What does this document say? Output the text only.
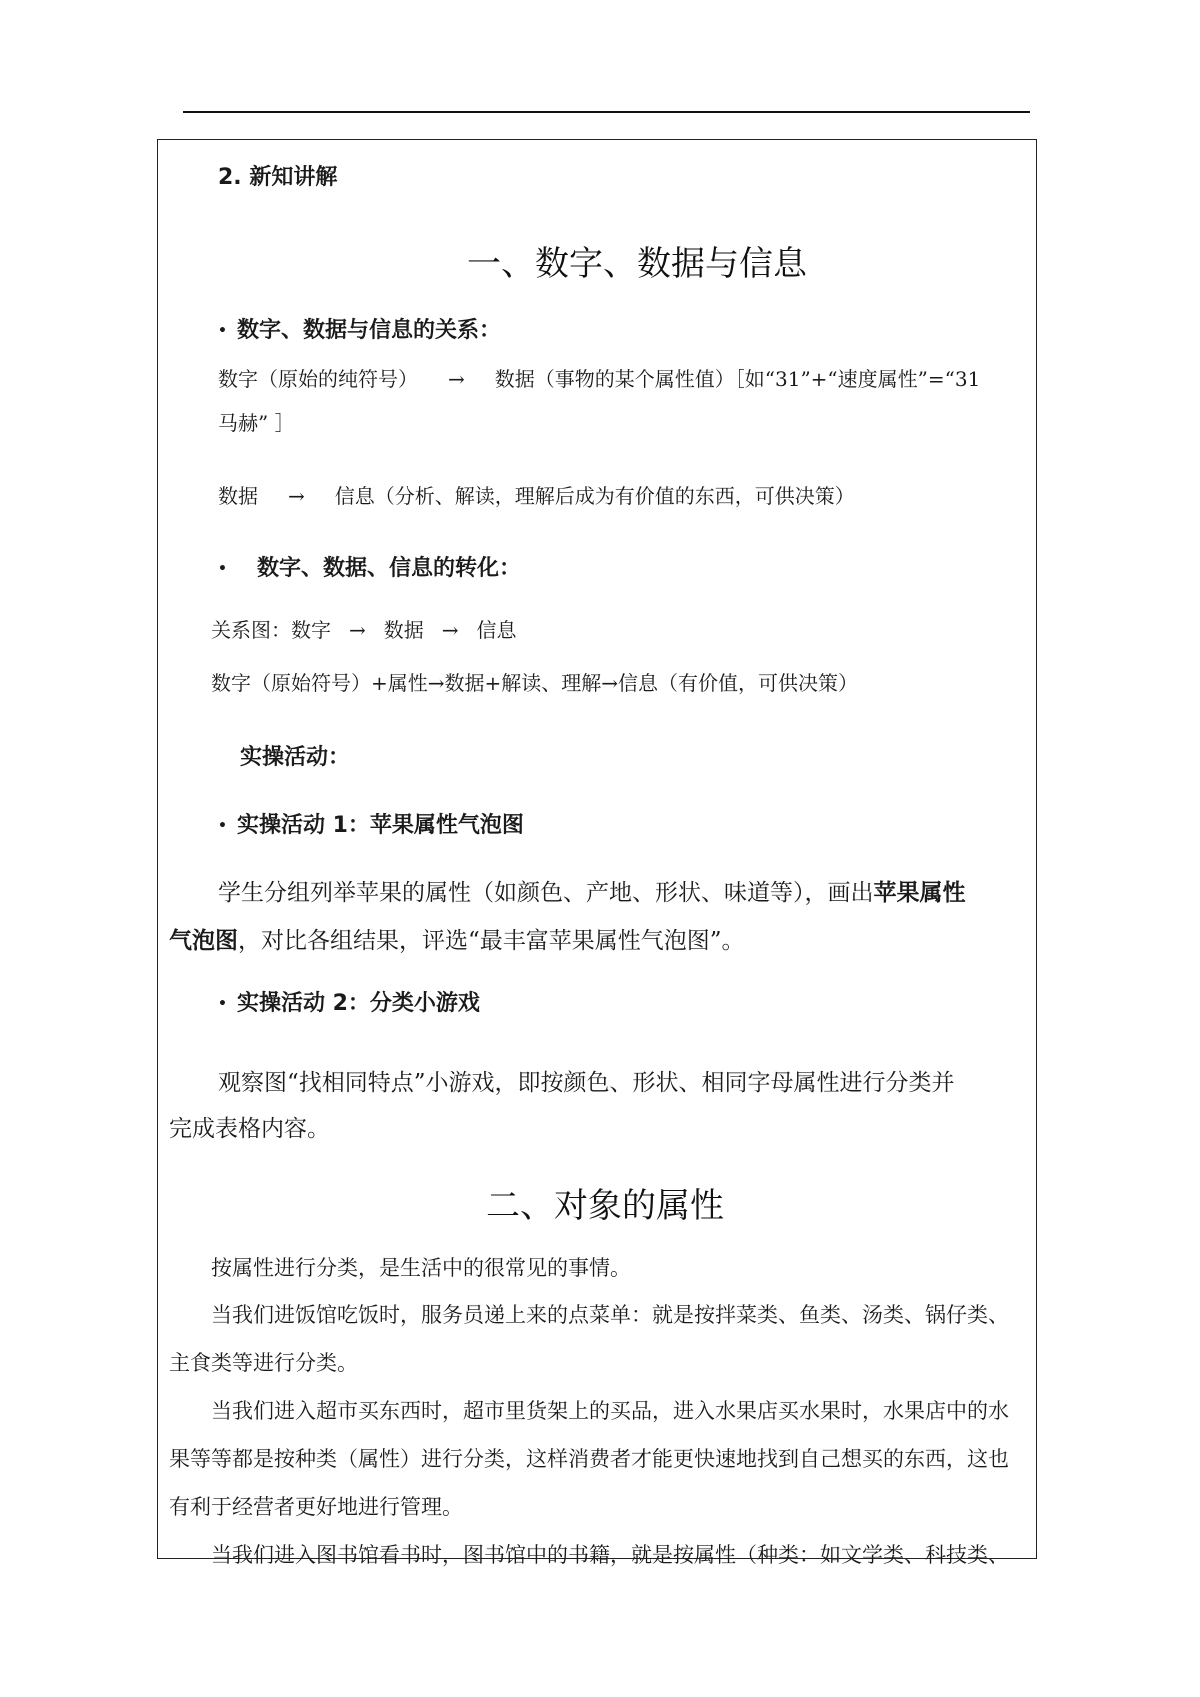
2. 新知讲解
一、数字、数据与信息
• 数字、数据与信息的关系：
数字（原始的纯符号） → 数据（事物的某个属性值）［如“31”+“速度属性”=“31
马赫” ］
数据 → 信息（分析、解读，理解后成为有价值的东西，可供决策）
• 数字、数据、信息的转化：
关系图：数字 → 数据 → 信息
数字（原始符号）+属性→数据+解读、理解→信息（有价值，可供决策）
实操活动：
• 实操活动 1：苹果属性气泡图
学生分组列举苹果的属性（如颜色、产地、形状、味道等），画出苹果属性
气泡图，对比各组结果，评选“最丰富苹果属性气泡图”。
• 实操活动 2：分类小游戏
观察图“找相同特点”小游戏，即按颜色、形状、相同字母属性进行分类并
完成表格内容。
二、对象的属性
按属性进行分类，是生活中的很常见的事情。
当我们进饭馆吃饭时，服务员递上来的点菜单：就是按拌菜类、鱼类、汤类、锅仔类、
主食类等进行分类。
当我们进入超市买东西时，超市里货架上的买品，进入水果店买水果时，水果店中的水
果等等都是按种类（属性）进行分类，这样消费者才能更快速地找到自己想买的东西，这也
有利于经营者更好地进行管理。
当我们进入图书馆看书时，图书馆中的书籍，就是按属性（种类：如文学类、科技类、
